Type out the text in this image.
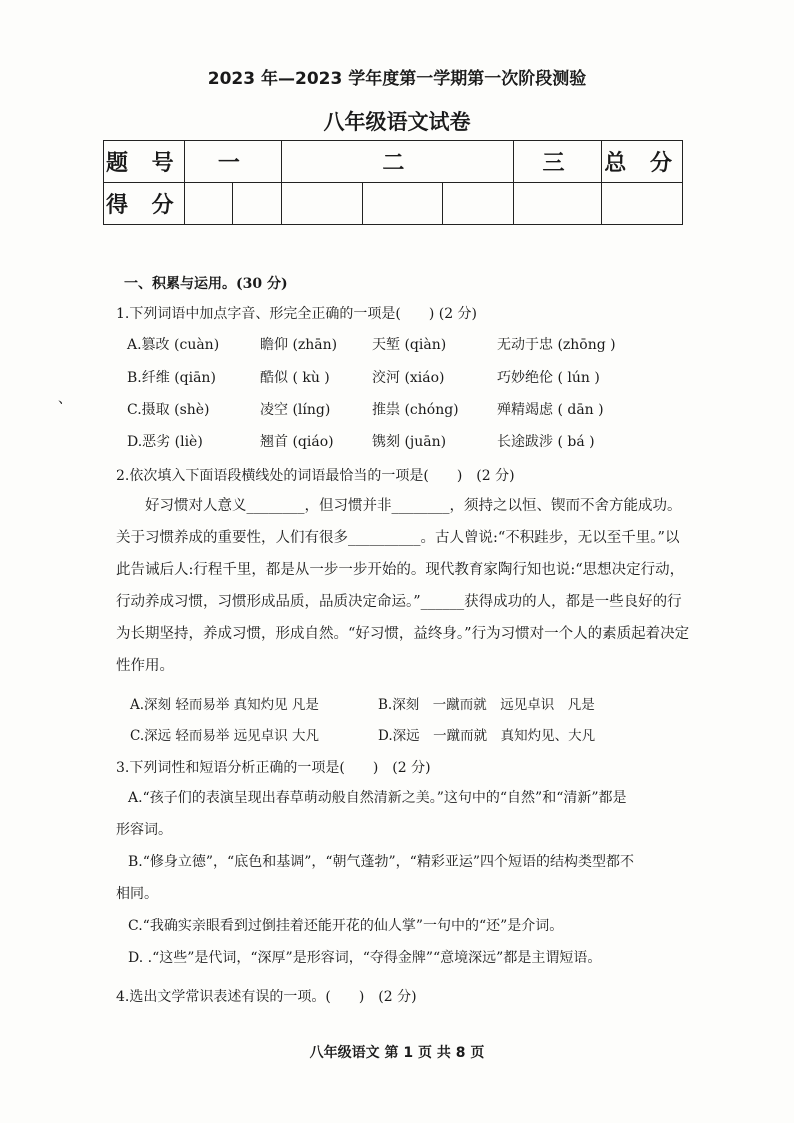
2023 年—2023 学年度第一学期第一次阶段测验
八年级语文试卷
题 号	一		二			三	总 分
得 分							
一、积累与运用。(30 分)
、
1.下列词语中加点字音、形完全正确的一项是(　　) (2 分)
A.篡改 (cuàn)	瞻仰 (zhān) 天堑 (qiàn)	无动于忠 (zhōng )
B.纤维 (qiān)	酷似 ( kù )	洨河 (xiáo)	巧妙绝伦 ( lún )
C.摄取 (shè)	凌空 (líng)	推祟 (chóng)	殚精竭虑 ( dān )
D.恶劣 (liè)	翘首 (qiáo)	镌刻 (juān)	长途跋涉 ( bá )
2.依次填入下面语段横线处的词语最恰当的一项是(　　)　(2 分)

好习惯对人意义________，但习惯并非________，须持之以恒、锲而不舍方能成功。

关于习惯养成的重要性，人们有很多__________。古人曾说:“不积跬步，无以至千里。”以

此告诫后人:行程千里，都是从一步一步开始的。现代教育家陶行知也说:“思想决定行动，

行动养成习惯，习惯形成品质，品质决定命运。”______获得成功的人，都是一些良好的行

为长期坚持，养成习惯，形成自然。“好习惯，益终身。”行为习惯对一个人的素质起着决定

性作用。

A.深刻 轻而易举 真知灼见 凡是	B.深刻　一蹴而就　远见卓识　凡是
C.深远 轻而易举 远见卓识 大凡	D.深远　一蹴而就　真知灼见、大凡
3.下列词性和短语分析正确的一项是(　　)　(2 分)

A.“孩子们的表演呈现出春草萌动般自然清新之美。”这句中的“自然”和“清新”都是

形容词。

B.“修身立德”，“底色和基调”，“朝气蓬勃”，“精彩亚运”四个短语的结构类型都不

相同。

C.“我确实亲眼看到过倒挂着还能开花的仙人掌”一句中的“还”是介词。

D. .“这些”是代词，“深厚”是形容词，“夺得金牌”“意境深远”都是主谓短语。

4.选出文学常识表述有误的一项。(　　)　(2 分)
八年级语文 第 1 页 共 8 页
